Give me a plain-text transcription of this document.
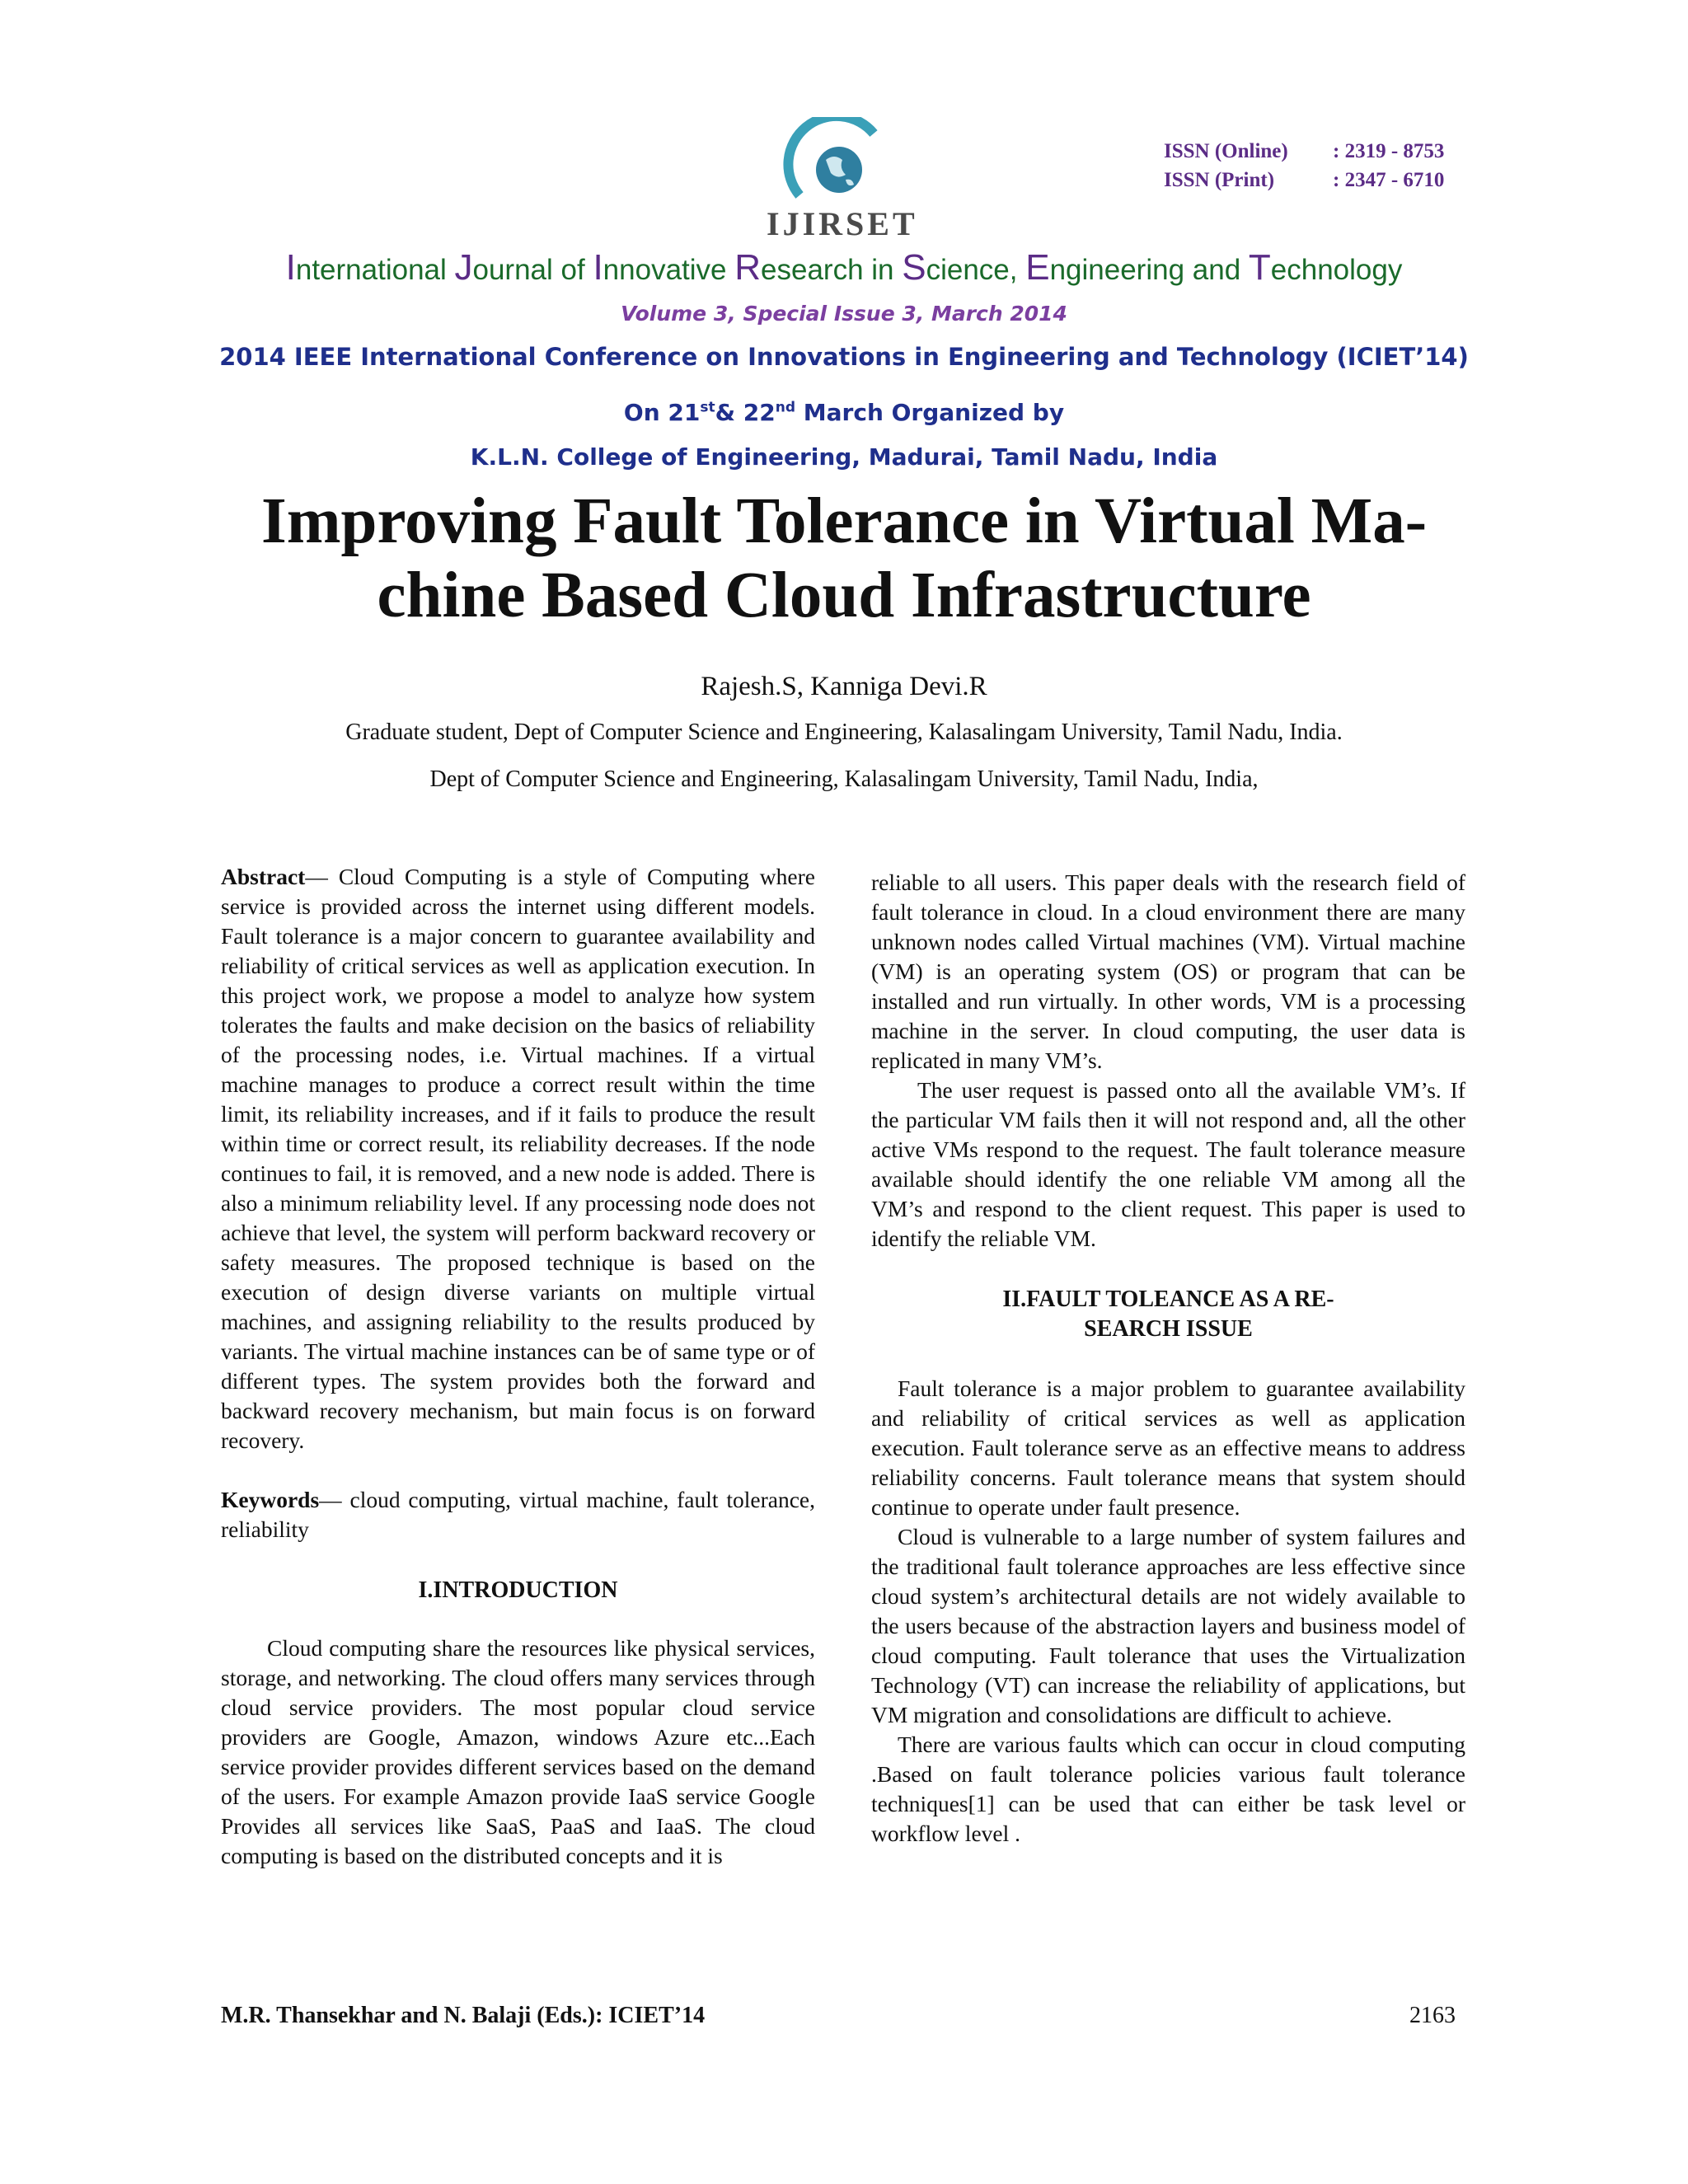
ISSN (Online)	: 2319 - 8753
ISSN (Print)	: 2347 - 6710
IJIRSET
International Journal of Innovative Research in Science, Engineering and Technology
Volume 3, Special Issue 3, March 2014
2014 IEEE International Conference on Innovations in Engineering and Technology (ICIET’14)
On 21st& 22nd March Organized by
K.L.N. College of Engineering, Madurai, Tamil Nadu, India
Improving Fault Tolerance in Virtual Ma-
chine Based Cloud Infrastructure
Rajesh.S, Kanniga Devi.R
Graduate student, Dept of Computer Science and Engineering, Kalasalingam University, Tamil Nadu, India.
Dept of Computer Science and Engineering, Kalasalingam University, Tamil Nadu, India,

Abstract— Cloud Computing is a style of Computing where service is provided across the internet using different models. Fault tolerance is a major concern to guarantee availability and reliability of critical services as well as application execution. In this project work, we propose a model to analyze how system tolerates the faults and make decision on the basics of reliability of the processing nodes, i.e. Virtual machines. If a virtual machine manages to produce a correct result within the time limit, its reliability increases, and if it fails to produce the result within time or correct result, its reliability decreases. If the node continues to fail, it is removed, and a new node is added. There is also a minimum reliability level. If any processing node does not achieve that level, the system will perform backward recovery or safety measures. The proposed technique is based on the execution of design diverse variants on multiple virtual machines, and assigning reliability to the results produced by variants. The virtual machine instances can be of same type or of different types. The system provides both the forward and backward recovery mechanism, but main focus is on forward recovery.

Keywords— cloud computing, virtual machine, fault tolerance, reliability

I.INTRODUCTION

Cloud computing share the resources like physical services, storage, and networking. The cloud offers many services through cloud service providers. The most popular cloud service providers are Google, Amazon, windows Azure etc...Each service provider provides different services based on the demand of the users. For example Amazon provide IaaS service Google Provides all services like SaaS, PaaS and IaaS. The cloud computing is based on the distributed concepts and it is

reliable to all users. This paper deals with the research field of fault tolerance in cloud. In a cloud environment there are many unknown nodes called Virtual machines (VM). Virtual machine (VM) is an operating system (OS) or program that can be installed and run virtually. In other words, VM is a processing machine in the server. In cloud computing, the user data is replicated in many VM’s.

The user request is passed onto all the available VM’s. If the particular VM fails then it will not respond and, all the other active VMs respond to the request. The fault tolerance measure available should identify the one reliable VM among all the VM’s and respond to the client request. This paper is used to identify the reliable VM.

II.FAULT TOLEANCE AS A RE-
SEARCH ISSUE

Fault tolerance is a major problem to guarantee availability and reliability of critical services as well as application execution. Fault tolerance serve as an effective means to address reliability concerns. Fault tolerance means that system should continue to operate under fault presence.

Cloud is vulnerable to a large number of system failures and the traditional fault tolerance approaches are less effective since cloud system’s architectural details are not widely available to the users because of the abstraction layers and business model of cloud computing. Fault tolerance that uses the Virtualization Technology (VT) can increase the reliability of applications, but VM migration and consolidations are difficult to achieve.

There are various faults which can occur in cloud computing .Based on fault tolerance policies various fault tolerance techniques[1] can be used that can either be task level or workflow level .

M.R. Thansekhar and N. Balaji (Eds.): ICIET’14	2163
